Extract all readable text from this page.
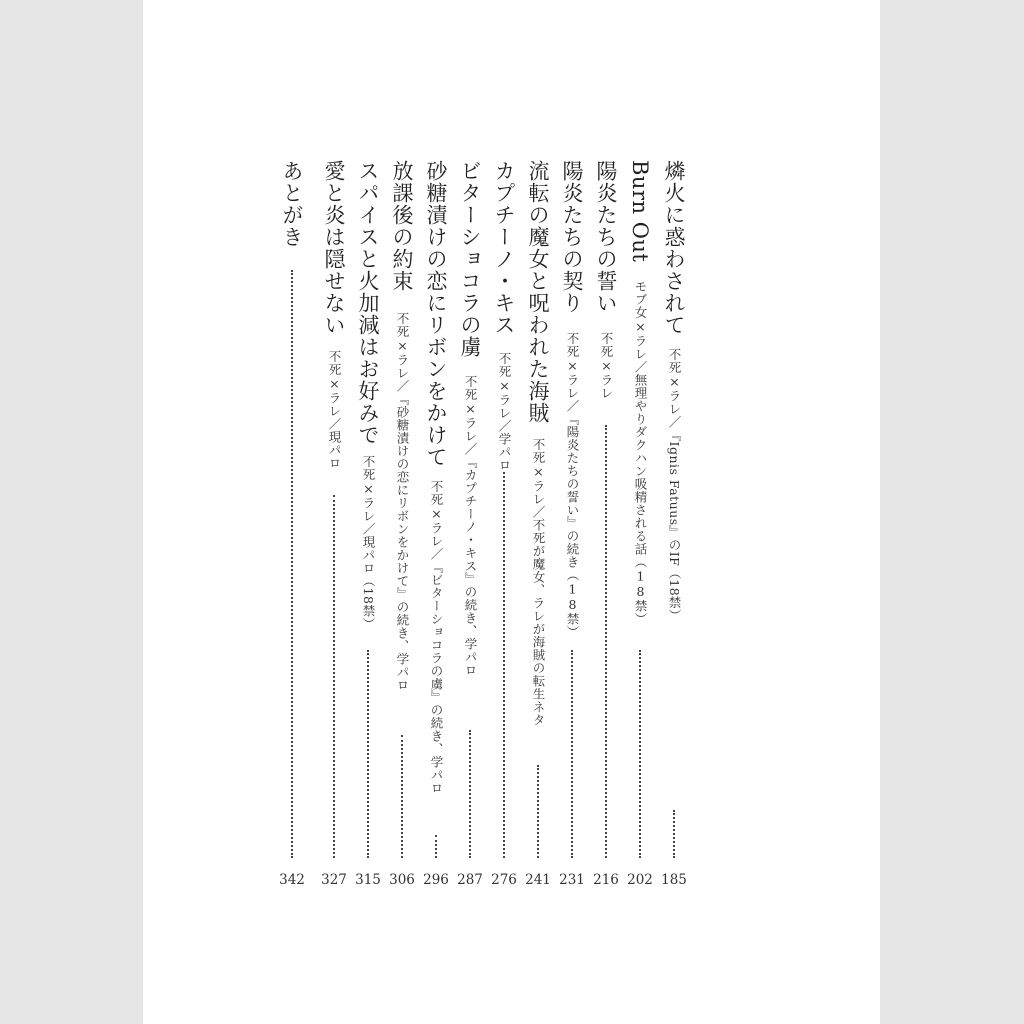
燐火に惑わされて
不死×ラレ／『Ignis Fatuus』のIF（18禁）
185
Burn Out
モブ女×ラレ／無理やりダクハン吸精される話（18禁）
202
陽炎たちの誓い
不死×ラレ
216
陽炎たちの契り
不死×ラレ／『陽炎たちの誓い』の続き（18禁）
231
流転の魔女と呪われた海賊
不死×ラレ／不死が魔女、ラレが海賊の転生ネタ
241
カプチーノ・キス
不死×ラレ／学パロ
276
ビターショコラの虜
不死×ラレ／『カプチーノ・キス』の続き、学パロ
287
砂糖漬けの恋にリボンをかけて
不死×ラレ／『ビターショコラの虜』の続き、学パロ
296
放課後の約束
不死×ラレ／『砂糖漬けの恋にリボンをかけて』の続き、学パロ
306
スパイスと火加減はお好みで
不死×ラレ／現パロ（18禁）
315
愛と炎は隠せない
不死×ラレ／現パロ
327
あとがき
342
